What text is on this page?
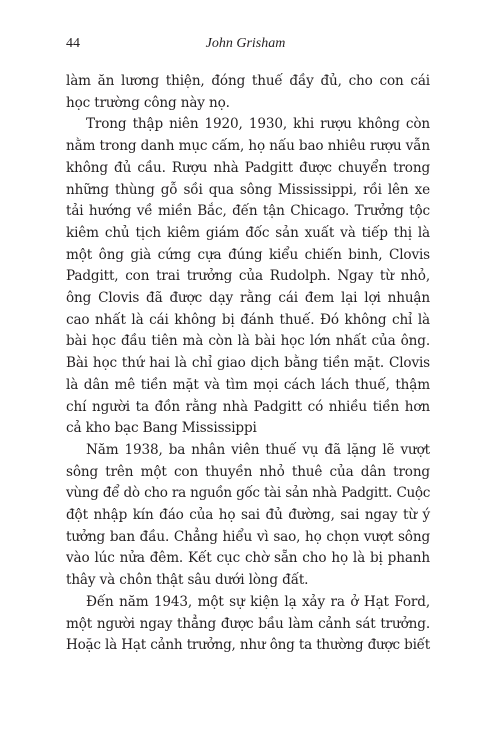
44	John Grisham

làm ăn lương thiện, đóng thuế đầy đủ, cho con cái
học trường công này nọ.

Trong thập niên 1920, 1930, khi rượu không còn
nằm trong danh mục cấm, họ nấu bao nhiêu rượu vẫn
không đủ cầu. Rượu nhà Padgitt được chuyển trong
những thùng gỗ sồi qua sông Mississippi, rồi lên xe
tải hướng về miền Bắc, đến tận Chicago. Trưởng tộc
kiêm chủ tịch kiêm giám đốc sản xuất và tiếp thị là
một ông già cứng cựa đúng kiểu chiến binh, Clovis
Padgitt, con trai trưởng của Rudolph. Ngay từ nhỏ,
ông Clovis đã được dạy rằng cái đem lại lợi nhuận
cao nhất là cái không bị đánh thuế. Đó không chỉ là
bài học đầu tiên mà còn là bài học lớn nhất của ông.
Bài học thứ hai là chỉ giao dịch bằng tiền mặt. Clovis
là dân mê tiền mặt và tìm mọi cách lách thuế, thậm
chí người ta đồn rằng nhà Padgitt có nhiều tiền hơn
cả kho bạc Bang Mississippi

Năm 1938, ba nhân viên thuế vụ đã lặng lẽ vượt
sông trên một con thuyền nhỏ thuê của dân trong
vùng để dò cho ra nguồn gốc tài sản nhà Padgitt. Cuộc
đột nhập kín đáo của họ sai đủ đường, sai ngay từ ý
tưởng ban đầu. Chẳng hiểu vì sao, họ chọn vượt sông
vào lúc nửa đêm. Kết cục chờ sẵn cho họ là bị phanh
thây và chôn thật sâu dưới lòng đất.

Đến năm 1943, một sự kiện lạ xảy ra ở Hạt Ford,
một người ngay thẳng được bầu làm cảnh sát trưởng.
Hoặc là Hạt cảnh trưởng, như ông ta thường được biết
